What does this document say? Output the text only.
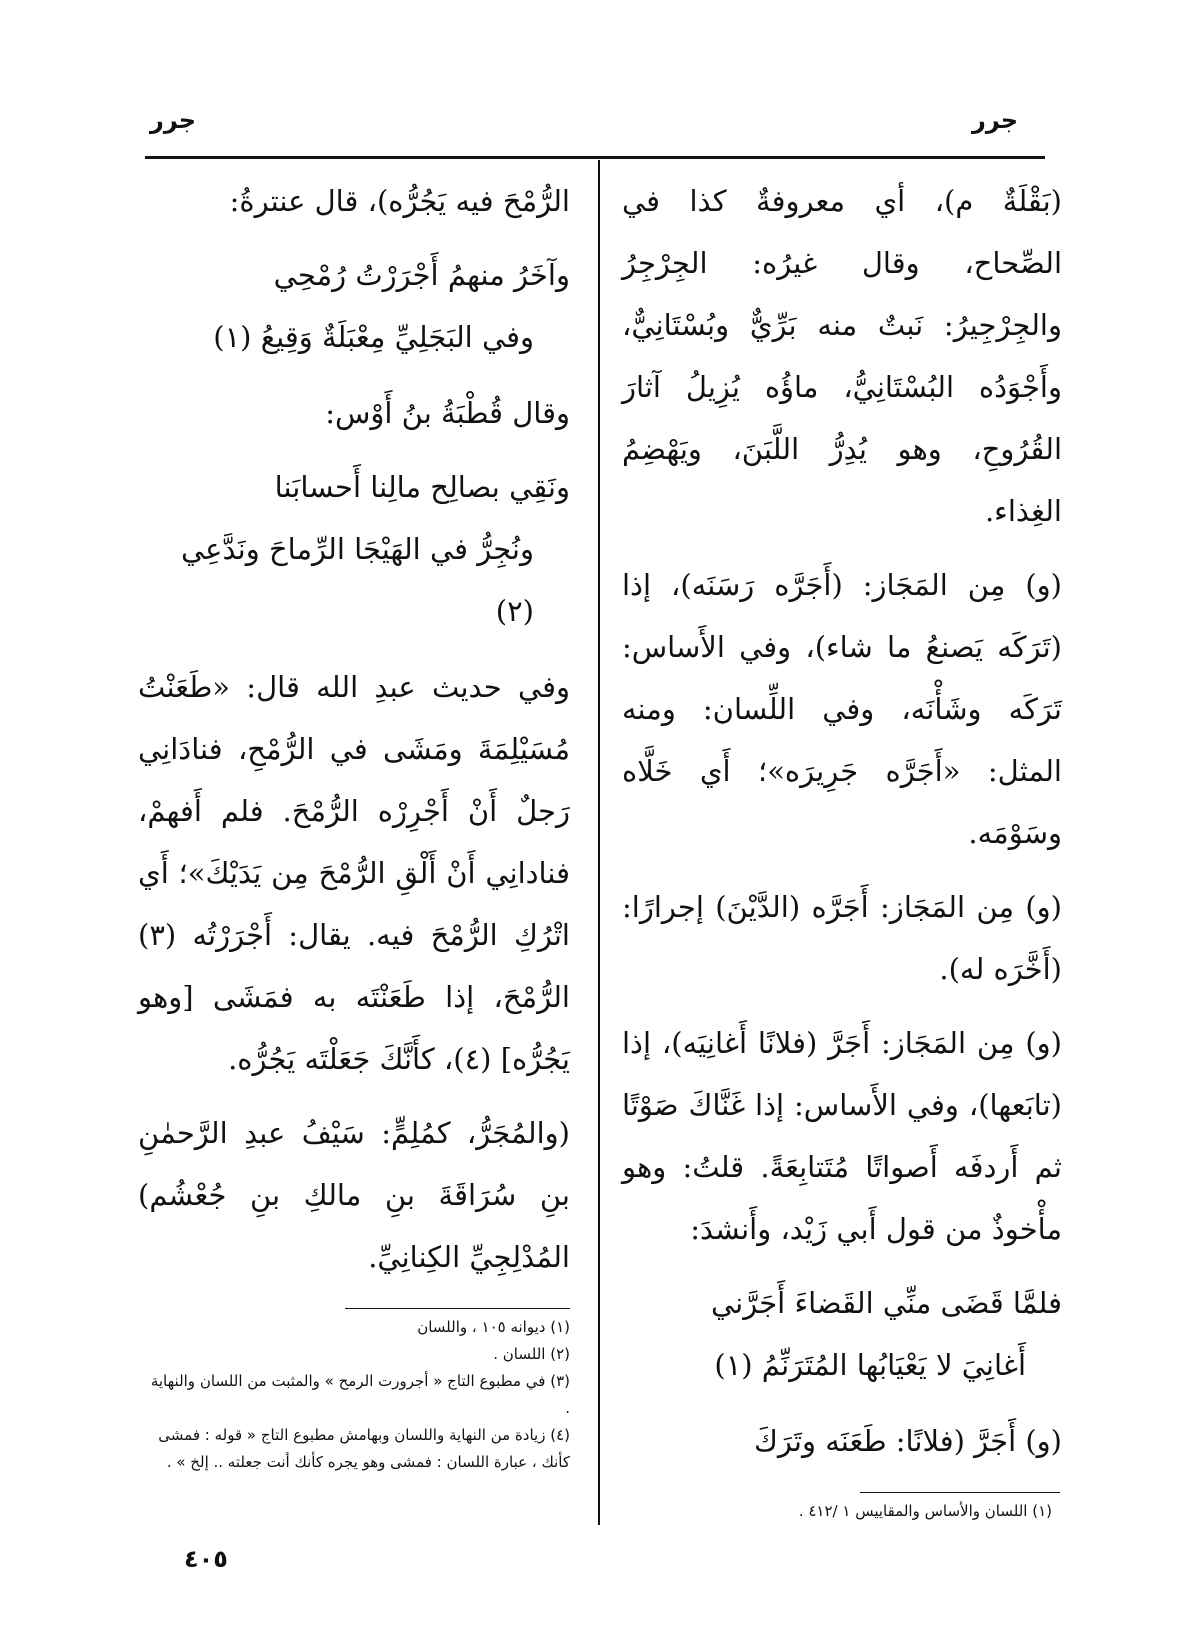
جرر	جرر

(بَقْلَةٌ م)، أي معروفةٌ كذا في الصِّحاح، وقال غيرُه: الجِرْجِرُ والجِرْجِيرُ: نَبتٌ منه بَرِّيٌّ وبُسْتَانِيٌّ، وأَجْوَدُه البُسْتَانِيُّ، ماؤُه يُزِيلُ آثارَ القُرُوحِ، وهو يُدِرُّ اللَّبَنَ، ويَهْضِمُ الغِذاء.

(و) مِن المَجَاز: (أَجَرَّه رَسَنَه)، إذا (تَرَكَه يَصنعُ ما شاء)، وفي الأَساس: تَرَكَه وشَأْنَه، وفي اللِّسان: ومنه المثل: «أَجَرَّه جَرِيرَه»؛ أَي خَلَّاه وسَوْمَه.

(و) مِن المَجَاز: أَجَرَّه (الدَّيْنَ) إجرارًا: (أَخَّرَه له).

(و) مِن المَجَاز: أَجَرَّ (فلانًا أَغانِيَه)، إذا (تابَعها)، وفي الأَساس: إذا غَنَّاكَ صَوْتًا ثم أَردفَه أَصواتًا مُتَتابِعَةً. قلتُ: وهو مأْخوذٌ من قول أَبي زَيْد، وأَنشدَ:

فلمَّا قَضَى منِّي القَضاءَ أَجَرَّني
أَغانِيَ لا يَعْيَابُها المُتَرَنِّمُ (١)

(و) أَجَرَّ (فلانًا: طَعَنَه وتَرَكَ

الرُّمْحَ فيه يَجُرُّه)، قال عنترةُ:

وآخَرُ منهمُ أَجْرَرْتُ رُمْحِي
وفي البَجَلِيِّ مِعْبَلَةٌ وَقِيعُ (١)

وقال قُطْبَةُ بنُ أَوْس:

ونَقِي بصالِح مالِنا أَحسابَنا
ونُجِرُّ في الهَيْجَا الرِّماحَ ونَدَّعِي (٢)

وفي حديث عبدِ الله قال: «طَعَنْتُ مُسَيْلِمَةَ ومَشَى في الرُّمْحِ، فنادَانِي رَجلٌ أَنْ أَجْرِرْه الرُّمْحَ. فلم أَفهمْ، فنادانِي أَنْ أَلْقِ الرُّمْحَ مِن يَدَيْكَ»؛ أَي اتْرُكِ الرُّمْحَ فيه. يقال: أَجْرَرْتُه (٣) الرُّمْحَ، إذا طَعَنْتَه به فمَشَى [وهو يَجُرُّه] (٤)، كأَنَّكَ جَعَلْتَه يَجُرُّه.

(والمُجَرُّ، كمُلِمٍّ: سَيْفُ عبدِ الرَّحمٰنِ بنِ سُرَاقَةَ بنِ مالكِ بنِ جُعْشُم) المُدْلِجِيِّ الكِنانِيِّ.

(١) ديوانه ١٠٥ ، واللسان

(٢) اللسان .

(٣) في مطبوع التاج « أجرورت الرمح » والمثبت من اللسان والنهاية .

(٤) زيادة من النهاية واللسان وبهامش مطبوع التاج « قوله : فمشى كأنك ، عبارة اللسان : فمشى وهو يجره كأنك أنت جعلته .. إلخ » .

(١) اللسان والأساس والمقاييس ١ /٤١٢ .

٤٠٥
